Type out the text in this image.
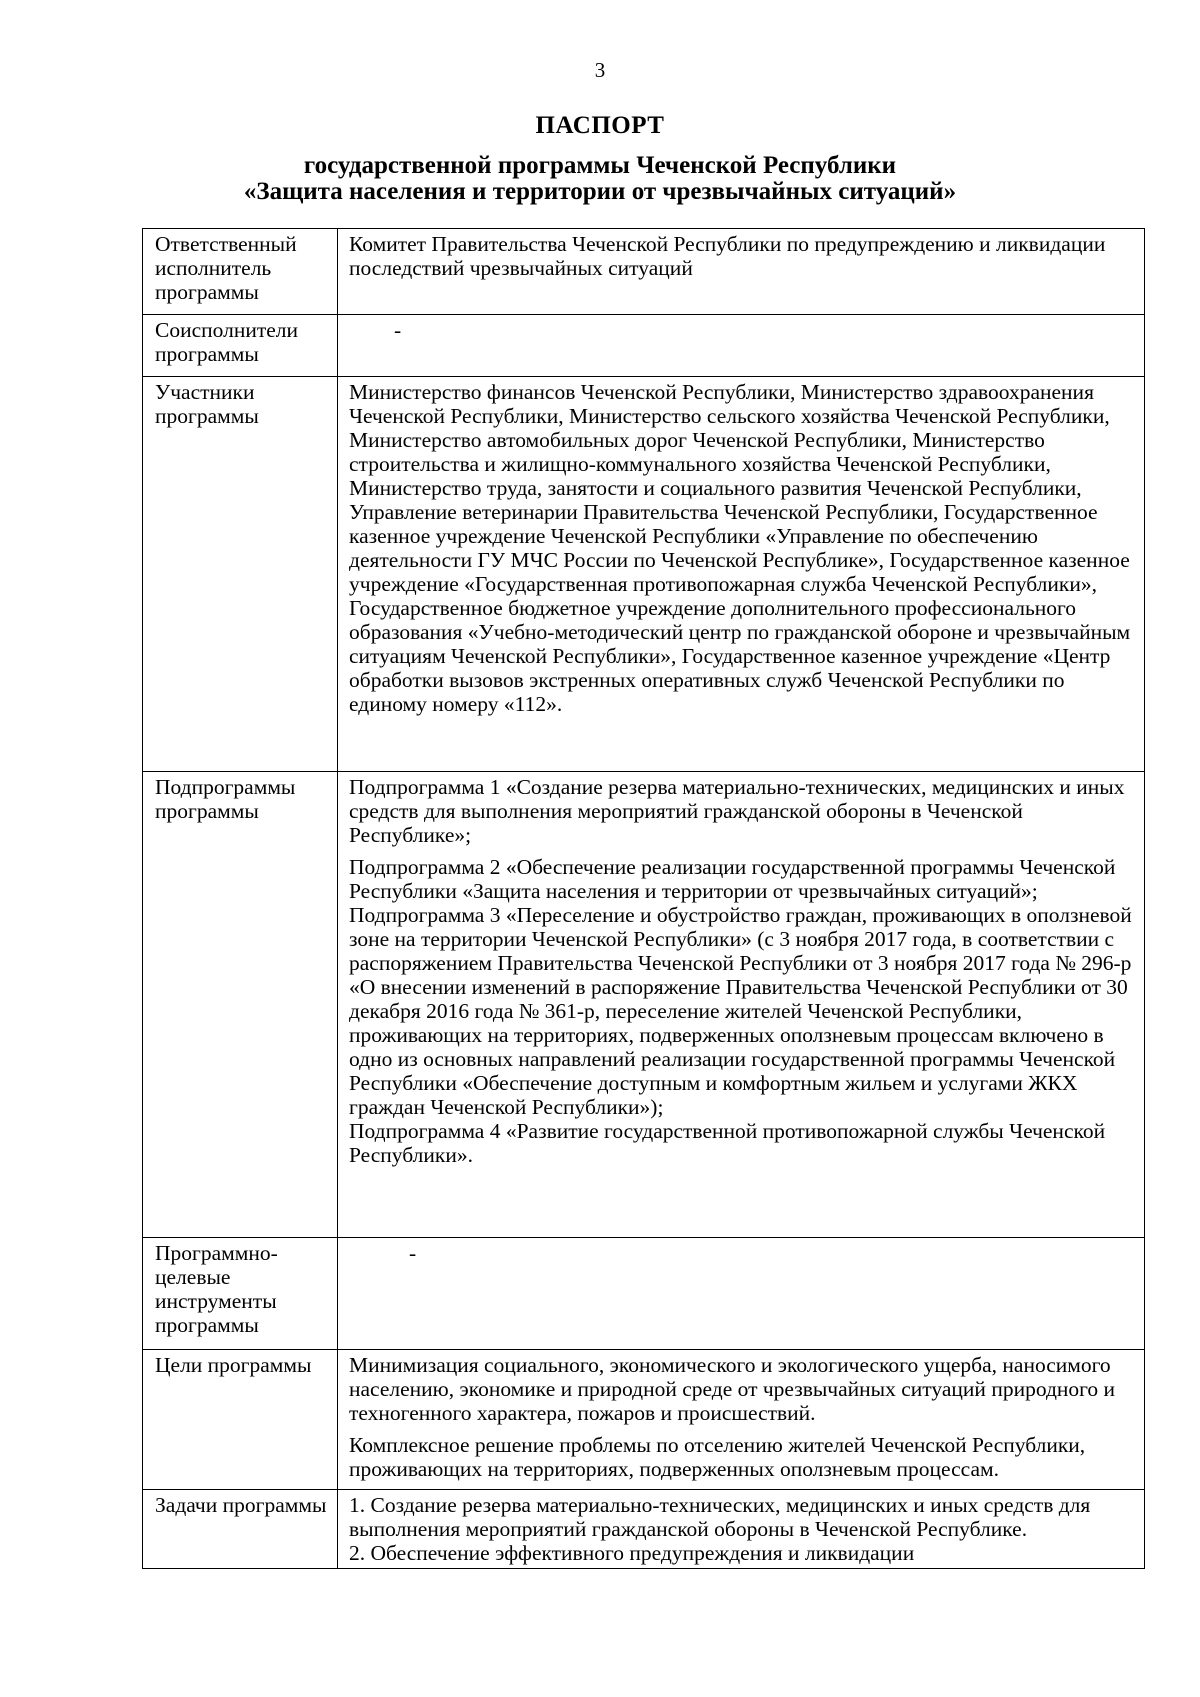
3
ПАСПОРТ
государственной программы Чеченской Республики
«Защита населения и территории от чрезвычайных ситуаций»
Ответственный исполнитель программы	Комитет Правительства Чеченской Республики по предупреждению и ликвидации последствий чрезвычайных ситуаций

Соисполнители программы	-

Участники программы	Министерство финансов Чеченской Республики, Министерство здравоохранения Чеченской Республики, Министерство сельского хозяйства Чеченской Республики, Министерство автомобильных дорог Чеченской Республики, Министерство строительства и жилищно-коммунального хозяйства Чеченской Республики, Министерство труда, занятости и социального развития Чеченской Республики, Управление ветеринарии Правительства Чеченской Республики, Государственное казенное учреждение Чеченской Республики «Управление по обеспечению деятельности ГУ МЧС России по Чеченской Республике», Государственное казенное учреждение «Государственная противопожарная служба Чеченской Республики», Государственное бюджетное учреждение дополнительного профессионального образования «Учебно-методический центр по гражданской обороне и чрезвычайным ситуациям Чеченской Республики», Государственное казенное учреждение «Центр обработки вызовов экстренных оперативных служб Чеченской Республики по единому номеру «112».

Подпрограммы программы	Подпрограмма 1 «Создание резерва материально-технических, медицинских и иных средств для выполнения мероприятий гражданской обороны в Чеченской Республике»;

Подпрограмма 2 «Обеспечение реализации государственной программы Чеченской Республики «Защита населения и территории от чрезвычайных ситуаций»;

Подпрограмма 3 «Переселение и обустройство граждан, проживающих в оползневой зоне на территории Чеченской Республики» (с 3 ноября 2017 года, в соответствии с распоряжением Правительства Чеченской Республики от 3 ноября 2017 года № 296-р «О внесении изменений в распоряжение Правительства Чеченской Республики от 30 декабря 2016 года № 361-р, переселение жителей Чеченской Республики, проживающих на территориях, подверженных оползневым процессам включено в одно из основных направлений реализации государственной программы Чеченской Республики «Обеспечение доступным и комфортным жильем и услугами ЖКХ граждан Чеченской Республики»);

Подпрограмма 4 «Развитие государственной противопожарной службы Чеченской Республики».

Программно-целевые инструменты программы	-

Цели программы	Минимизация социального, экономического и экологического ущерба, наносимого населению, экономике и природной среде от чрезвычайных ситуаций природного и техногенного характера, пожаров и происшествий.

Комплексное решение проблемы по отселению жителей Чеченской Республики, проживающих на территориях, подверженных оползневым процессам.

Задачи программы	1. Создание резерва материально-технических, медицинских и иных средств для выполнения мероприятий гражданской обороны в Чеченской Республике.

2. Обеспечение эффективного предупреждения и ликвидации
